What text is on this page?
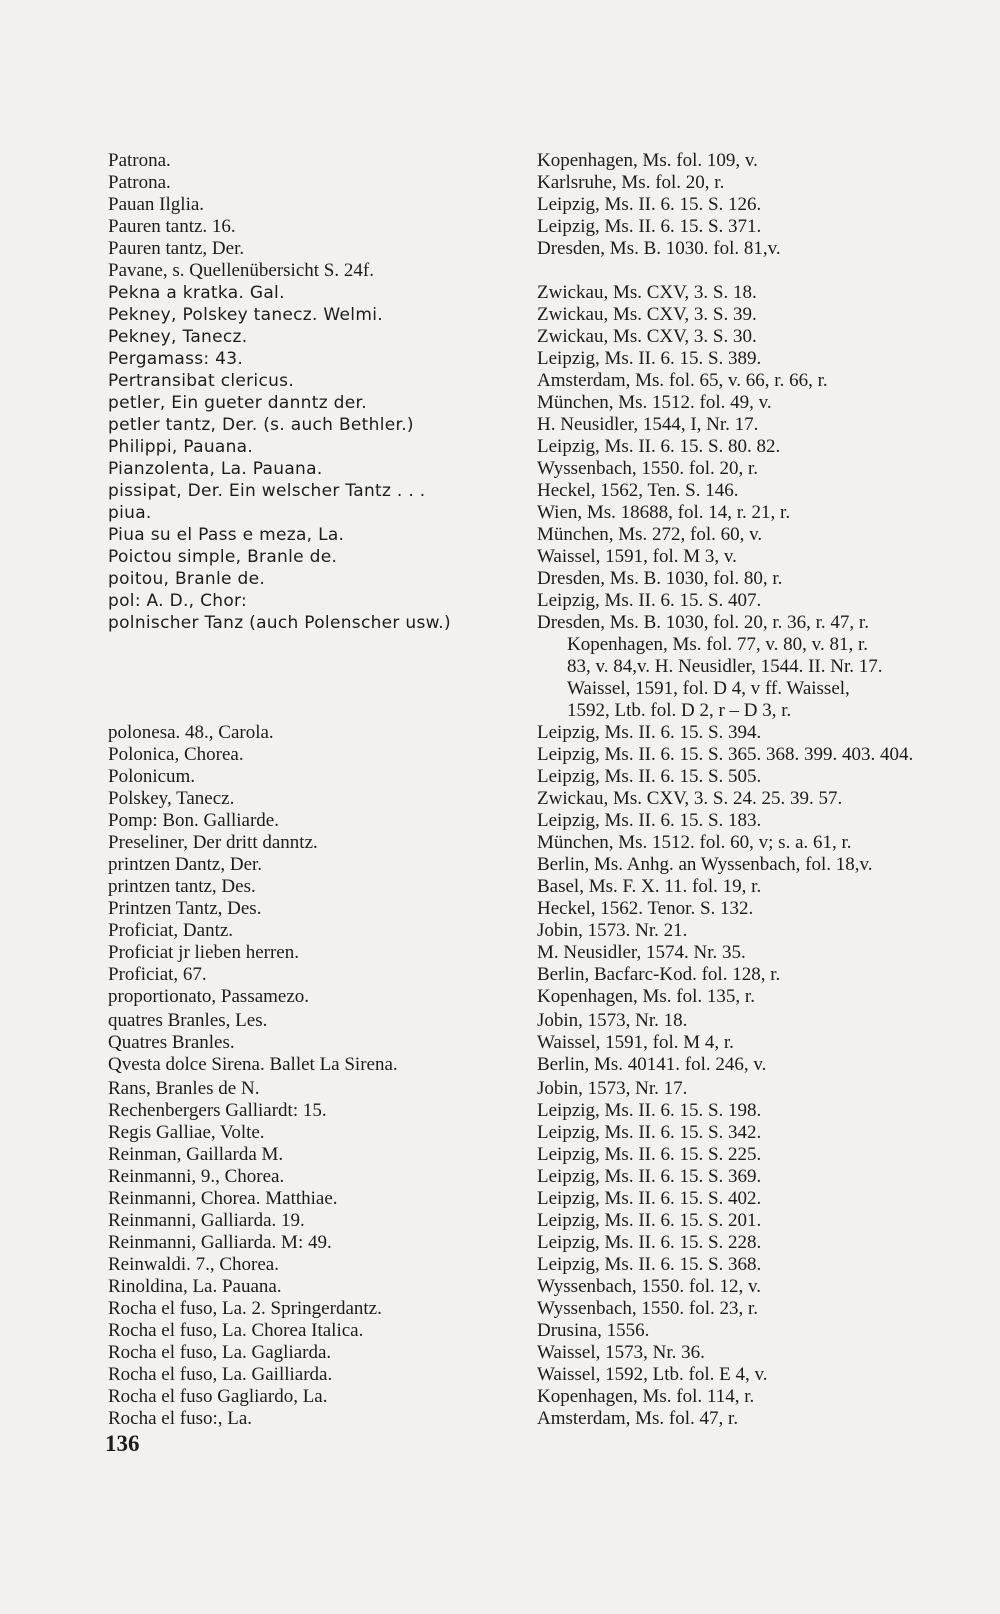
Patrona.	Kopenhagen, Ms. fol. 109, v.
Patrona.	Karlsruhe, Ms. fol. 20, r.
Pauan Ilglia.	Leipzig, Ms. II. 6. 15. S. 126.
Pauren tantz. 16.	Leipzig, Ms. II. 6. 15. S. 371.
Pauren tantz, Der.	Dresden, Ms. B. 1030. fol. 81,v.
Pavane, s. Quellenübersicht S. 24f.
Pekna a kratka. Gal.	Zwickau, Ms. CXV, 3. S. 18.
Pekney, Polskey tanecz. Welmi.	Zwickau, Ms. CXV, 3. S. 39.
Pekney, Tanecz.	Zwickau, Ms. CXV, 3. S. 30.
Pergamass: 43.	Leipzig, Ms. II. 6. 15. S. 389.
Pertransibat clericus.	Amsterdam, Ms. fol. 65, v. 66, r. 66, r.
petler, Ein gueter danntz der.	München, Ms. 1512. fol. 49, v.
petler tantz, Der. (s. auch Bethler.)	H. Neusidler, 1544, I, Nr. 17.
Philippi, Pauana.	Leipzig, Ms. II. 6. 15. S. 80. 82.
Pianzolenta, La. Pauana.	Wyssenbach, 1550. fol. 20, r.
pissipat, Der. Ein welscher Tantz . . .	Heckel, 1562, Ten. S. 146.
piua.	Wien, Ms. 18688, fol. 14, r. 21, r.
Piua su el Pass e meza, La.	München, Ms. 272, fol. 60, v.
Poictou simple, Branle de.	Waissel, 1591, fol. M 3, v.
poitou, Branle de.	Dresden, Ms. B. 1030, fol. 80, r.
pol: A. D., Chor:	Leipzig, Ms. II. 6. 15. S. 407.
polnischer Tanz (auch Polenscher usw.)	Dresden, Ms. B. 1030, fol. 20, r. 36, r. 47, r.
Kopenhagen, Ms. fol. 77, v. 80, v. 81, r.
83, v. 84,v. H. Neusidler, 1544. II. Nr. 17.
Waissel, 1591, fol. D 4, v ff. Waissel,
1592, Ltb. fol. D 2, r – D 3, r.
polonesa. 48., Carola.	Leipzig, Ms. II. 6. 15. S. 394.
Polonica, Chorea.	Leipzig, Ms. II. 6. 15. S. 365. 368. 399. 403. 404.
Polonicum.	Leipzig, Ms. II. 6. 15. S. 505.
Polskey, Tanecz.	Zwickau, Ms. CXV, 3. S. 24. 25. 39. 57.
Pomp: Bon. Galliarde.	Leipzig, Ms. II. 6. 15. S. 183.
Preseliner, Der dritt danntz.	München, Ms. 1512. fol. 60, v; s. a. 61, r.
printzen Dantz, Der.	Berlin, Ms. Anhg. an Wyssenbach, fol. 18,v.
printzen tantz, Des.	Basel, Ms. F. X. 11. fol. 19, r.
Printzen Tantz, Des.	Heckel, 1562. Tenor. S. 132.
Proficiat, Dantz.	Jobin, 1573. Nr. 21.
Proficiat jr lieben herren.	M. Neusidler, 1574. Nr. 35.
Proficiat, 67.	Berlin, Bacfarc-Kod. fol. 128, r.
proportionato, Passamezo.	Kopenhagen, Ms. fol. 135, r.
quatres Branles, Les.	Jobin, 1573, Nr. 18.
Quatres Branles.	Waissel, 1591, fol. M 4, r.
Qvesta dolce Sirena. Ballet La Sirena.	Berlin, Ms. 40141. fol. 246, v.
Rans, Branles de N.	Jobin, 1573, Nr. 17.
Rechenbergers Galliardt: 15.	Leipzig, Ms. II. 6. 15. S. 198.
Regis Galliae, Volte.	Leipzig, Ms. II. 6. 15. S. 342.
Reinman, Gaillarda M.	Leipzig, Ms. II. 6. 15. S. 225.
Reinmanni, 9., Chorea.	Leipzig, Ms. II. 6. 15. S. 369.
Reinmanni, Chorea. Matthiae.	Leipzig, Ms. II. 6. 15. S. 402.
Reinmanni, Galliarda. 19.	Leipzig, Ms. II. 6. 15. S. 201.
Reinmanni, Galliarda. M: 49.	Leipzig, Ms. II. 6. 15. S. 228.
Reinwaldi. 7., Chorea.	Leipzig, Ms. II. 6. 15. S. 368.
Rinoldina, La. Pauana.	Wyssenbach, 1550. fol. 12, v.
Rocha el fuso, La. 2. Springerdantz.	Wyssenbach, 1550. fol. 23, r.
Rocha el fuso, La. Chorea Italica.	Drusina, 1556.
Rocha el fuso, La. Gagliarda.	Waissel, 1573, Nr. 36.
Rocha el fuso, La. Gailliarda.	Waissel, 1592, Ltb. fol. E 4, v.
Rocha el fuso Gagliardo, La.	Kopenhagen, Ms. fol. 114, r.
Rocha el fuso:, La.	Amsterdam, Ms. fol. 47, r.
136
